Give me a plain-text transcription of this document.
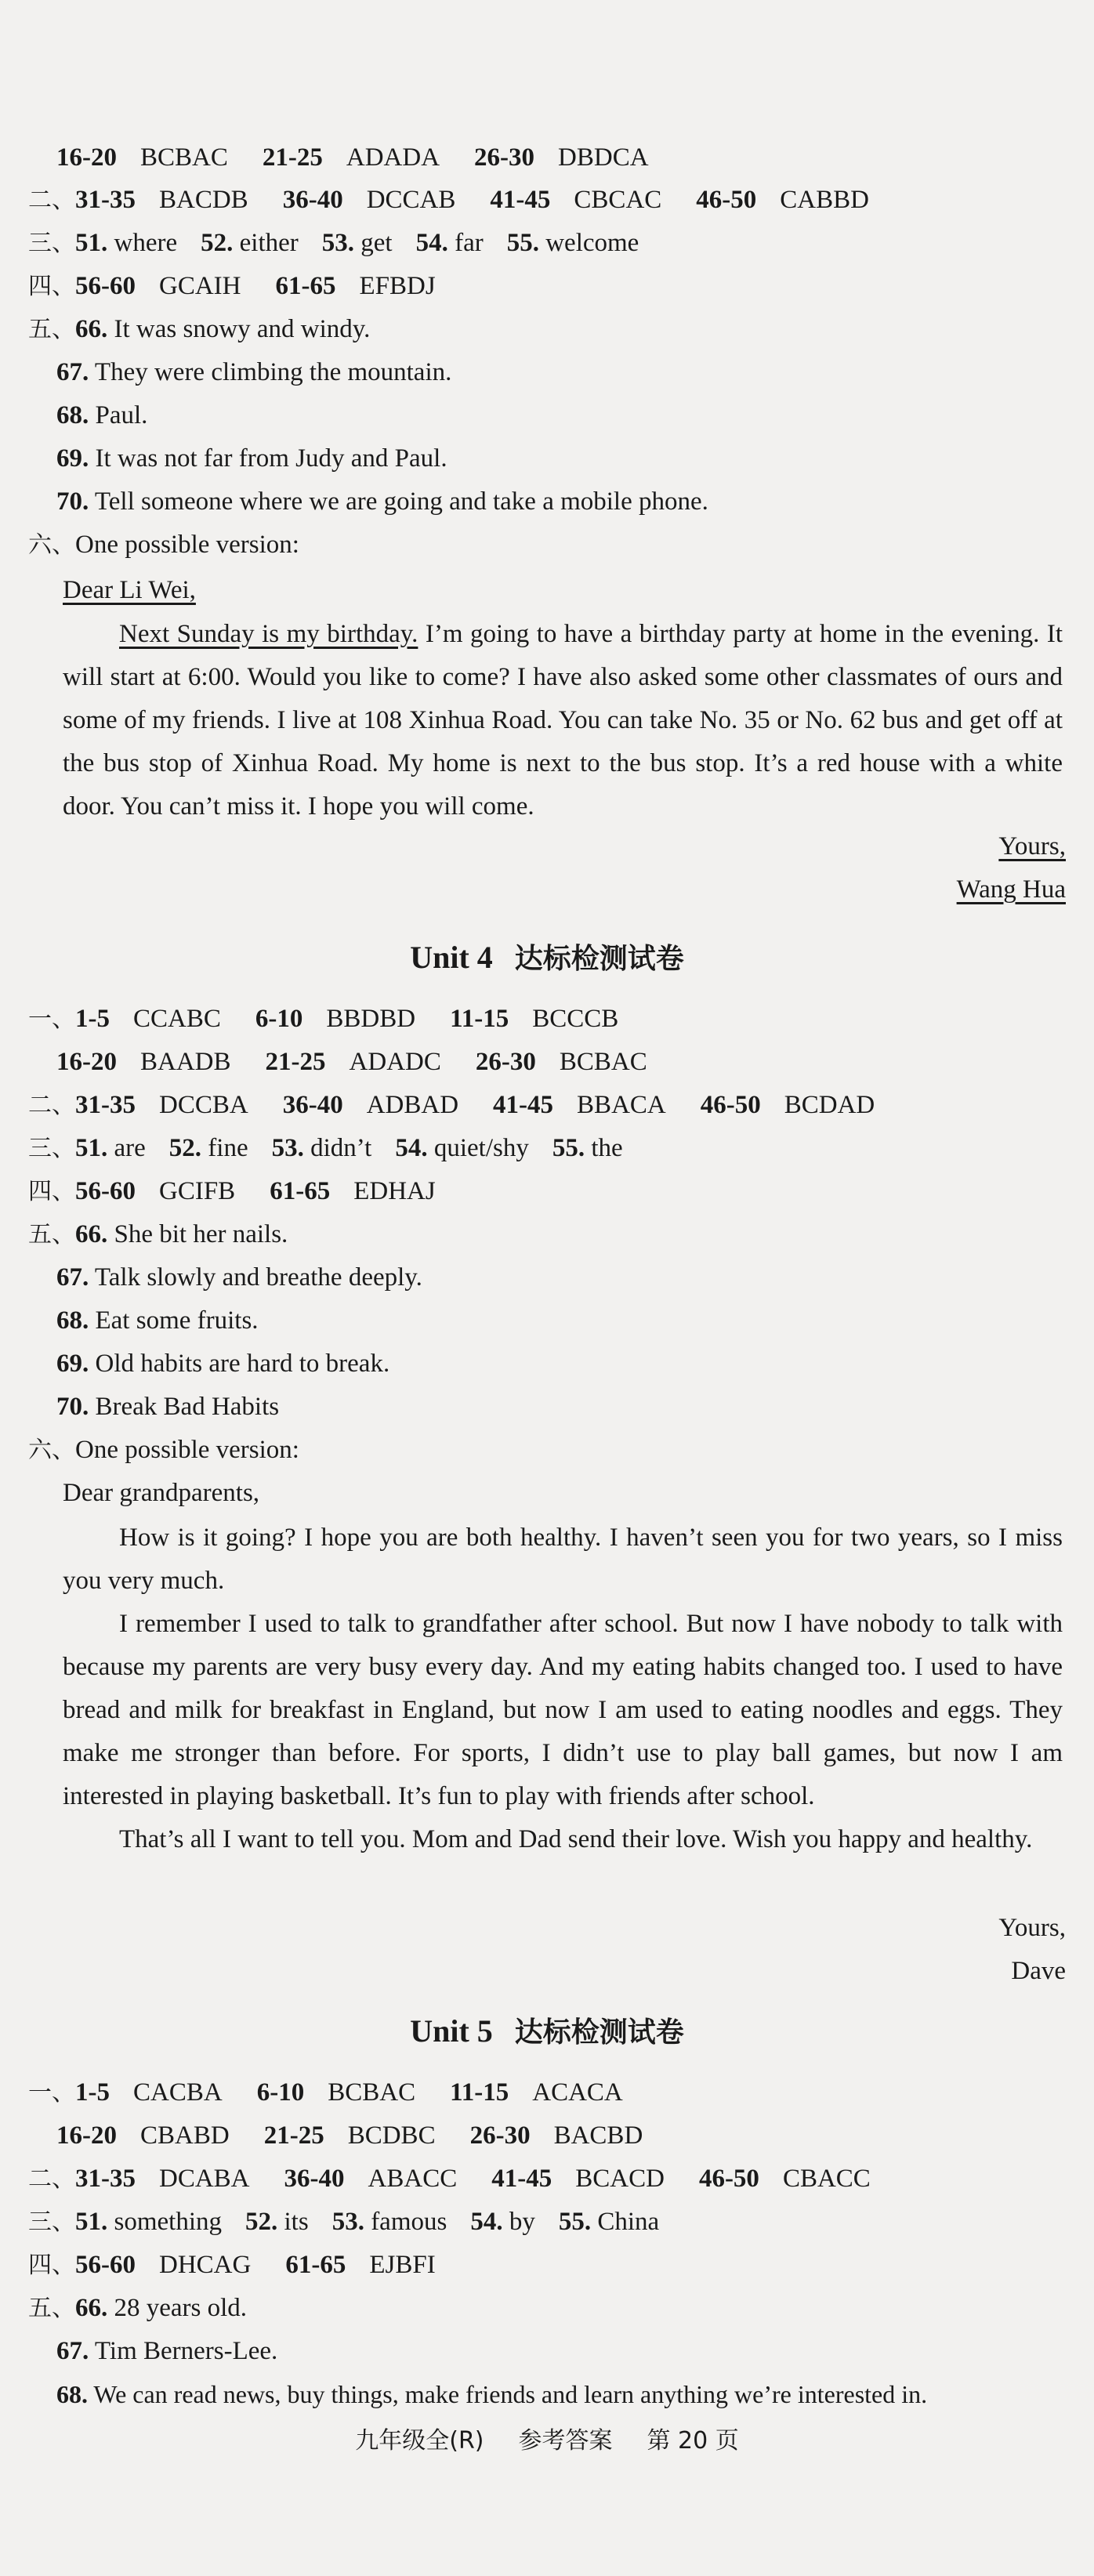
16-20 BCBAC 21-25 ADADA 26-30 DBDCA
二、31-35 BACDB 36-40 DCCAB 41-45 CBCAC 46-50 CABBD
三、51. where 52. either 53. get 54. far 55. welcome
四、56-60 GCAIH 61-65 EFBDJ
五、66. It was snowy and windy.
67. They were climbing the mountain.
68. Paul.
69. It was not far from Judy and Paul.
70. Tell someone where we are going and take a mobile phone.
六、One possible version:
Dear Li Wei,
Next Sunday is my birthday. I’m going to have a birthday party at home in the evening. It will start at 6:00. Would you like to come? I have also asked some other classmates of ours and some of my friends. I live at 108 Xinhua Road. You can take No. 35 or No. 62 bus and get off at the bus stop of Xinhua Road. My home is next to the bus stop. It’s a red house with a white door. You can’t miss it. I hope you will come.
Yours,
Wang Hua
Unit 4 达标检测试卷
一、1-5 CCABC 6-10 BBDBD 11-15 BCCCB
16-20 BAADB 21-25 ADADC 26-30 BCBAC
二、31-35 DCCBA 36-40 ADBAD 41-45 BBACA 46-50 BCDAD
三、51. are 52. fine 53. didn’t 54. quiet/shy 55. the
四、56-60 GCIFB 61-65 EDHAJ
五、66. She bit her nails.
67. Talk slowly and breathe deeply.
68. Eat some fruits.
69. Old habits are hard to break.
70. Break Bad Habits
六、One possible version:
Dear grandparents,
How is it going? I hope you are both healthy. I haven’t seen you for two years, so I miss you very much.
I remember I used to talk to grandfather after school. But now I have nobody to talk with because my parents are very busy every day. And my eating habits changed too. I used to have bread and milk for breakfast in England, but now I am used to eating noodles and eggs. They make me stronger than before. For sports, I didn’t use to play ball games, but now I am interested in playing basketball. It’s fun to play with friends after school.
That’s all I want to tell you. Mom and Dad send their love. Wish you happy and healthy.
Yours,
Dave
Unit 5 达标检测试卷
一、1-5 CACBA 6-10 BCBAC 11-15 ACACA
16-20 CBABD 21-25 BCDBC 26-30 BACBD
二、31-35 DCABA 36-40 ABACC 41-45 BCACD 46-50 CBACC
三、51. something 52. its 53. famous 54. by 55. China
四、56-60 DHCAG 61-65 EJBFI
五、66. 28 years old.
67. Tim Berners-Lee.
68. We can read news, buy things, make friends and learn anything we’re interested in.
九年级全(R) 参考答案 第 20 页
